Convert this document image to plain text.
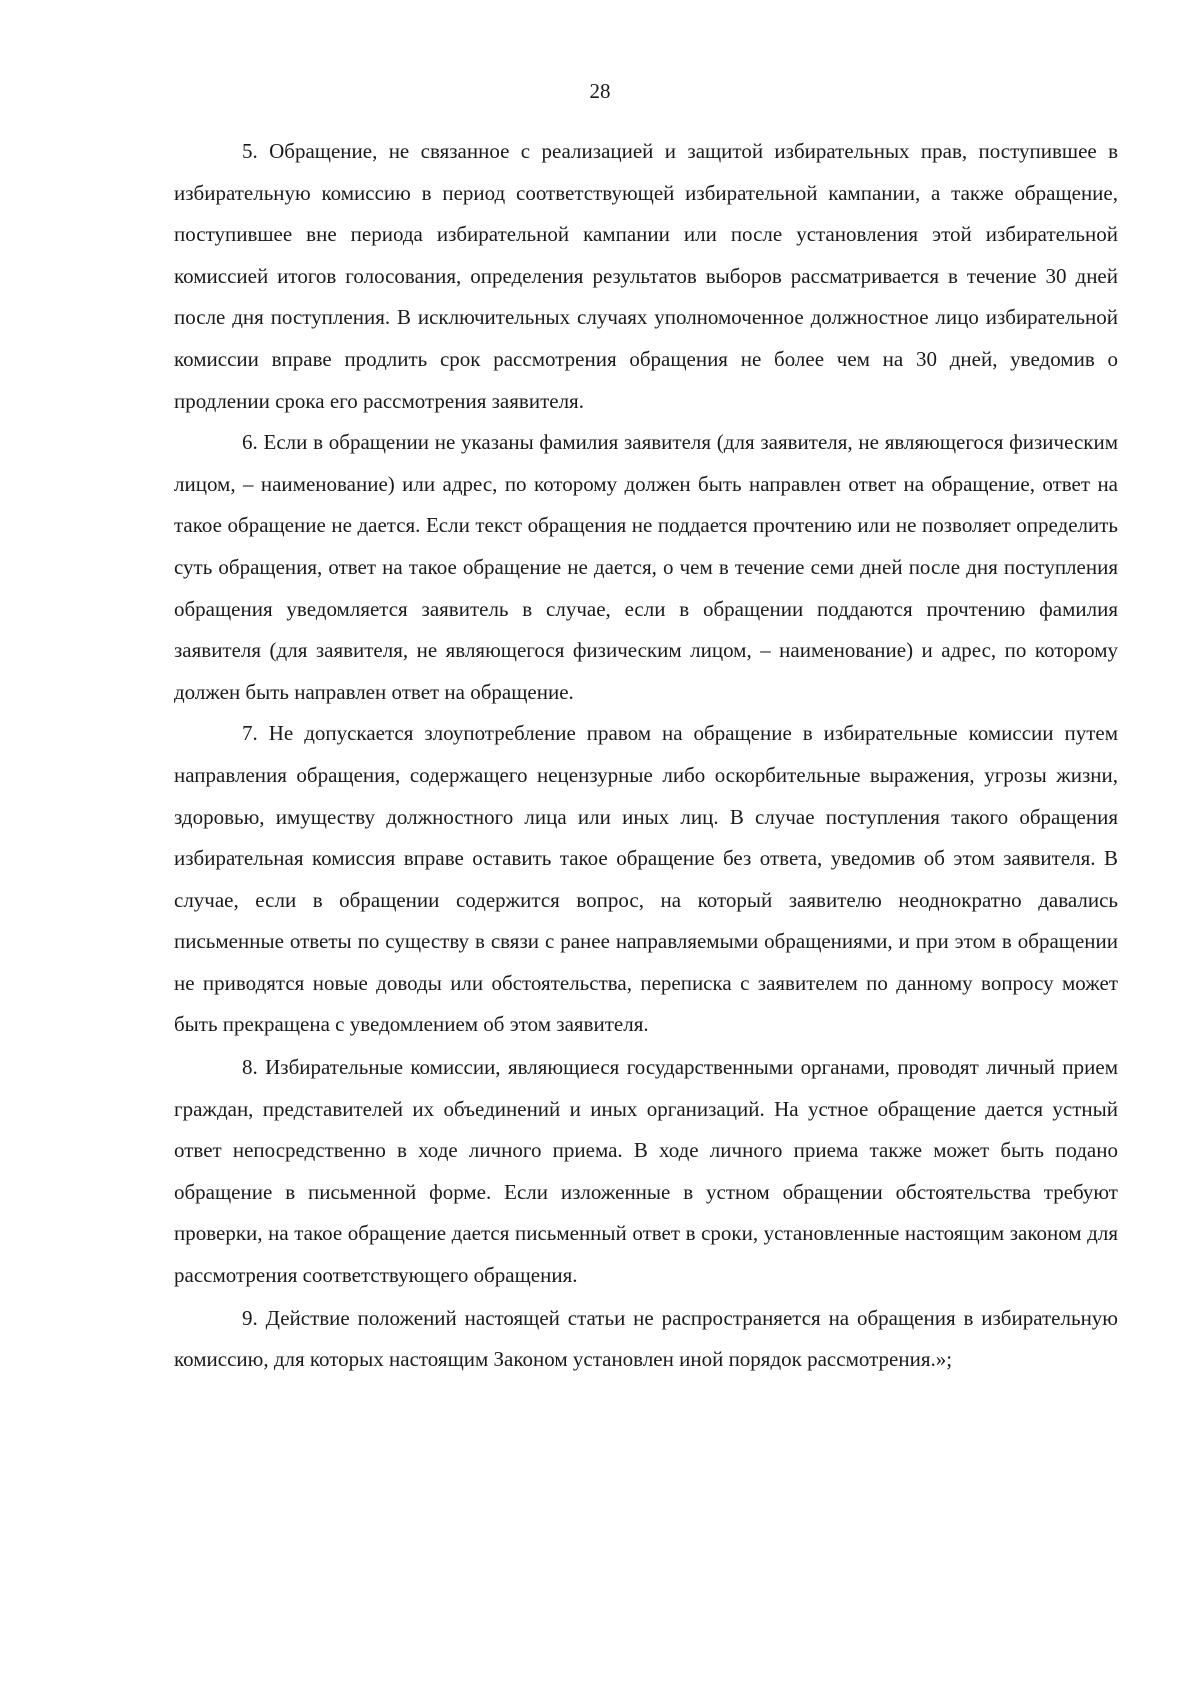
28

5. Обращение, не связанное с реализацией и защитой избирательных прав, поступившее в избирательную комиссию в период соответствующей избирательной кампании, а также обращение, поступившее вне периода избирательной кампании или после установления этой избирательной комиссией итогов голосования, определения результатов выборов рассматривается в течение 30 дней после дня поступления. В исключительных случаях уполномоченное должностное лицо избирательной комиссии вправе продлить срок рассмотрения обращения не более чем на 30 дней, уведомив о продлении срока его рассмотрения заявителя.

6. Если в обращении не указаны фамилия заявителя (для заявителя, не являющегося физическим лицом, – наименование) или адрес, по которому должен быть направлен ответ на обращение, ответ на такое обращение не дается. Если текст обращения не поддается прочтению или не позволяет определить суть обращения, ответ на такое обращение не дается, о чем в течение семи дней после дня поступления обращения уведомляется заявитель в случае, если в обращении поддаются прочтению фамилия заявителя (для заявителя, не являющегося физическим лицом, – наименование) и адрес, по которому должен быть направлен ответ на обращение.

7. Не допускается злоупотребление правом на обращение в избирательные комиссии путем направления обращения, содержащего нецензурные либо оскорбительные выражения, угрозы жизни, здоровью, имуществу должностного лица или иных лиц. В случае поступления такого обращения избирательная комиссия вправе оставить такое обращение без ответа, уведомив об этом заявителя. В случае, если в обращении содержится вопрос, на который заявителю неоднократно давались письменные ответы по существу в связи с ранее направляемыми обращениями, и при этом в обращении не приводятся новые доводы или обстоятельства, переписка с заявителем по данному вопросу может быть прекращена с уведомлением об этом заявителя.

8. Избирательные комиссии, являющиеся государственными органами, проводят личный прием граждан, представителей их объединений и иных организаций. На устное обращение дается устный ответ непосредственно в ходе личного приема. В ходе личного приема также может быть подано обращение в письменной форме. Если изложенные в устном обращении обстоятельства требуют проверки, на такое обращение дается письменный ответ в сроки, установленные настоящим законом для рассмотрения соответствующего обращения.

9. Действие положений настоящей статьи не распространяется на обращения в избирательную комиссию, для которых настоящим Законом установлен иной порядок рассмотрения.»;
